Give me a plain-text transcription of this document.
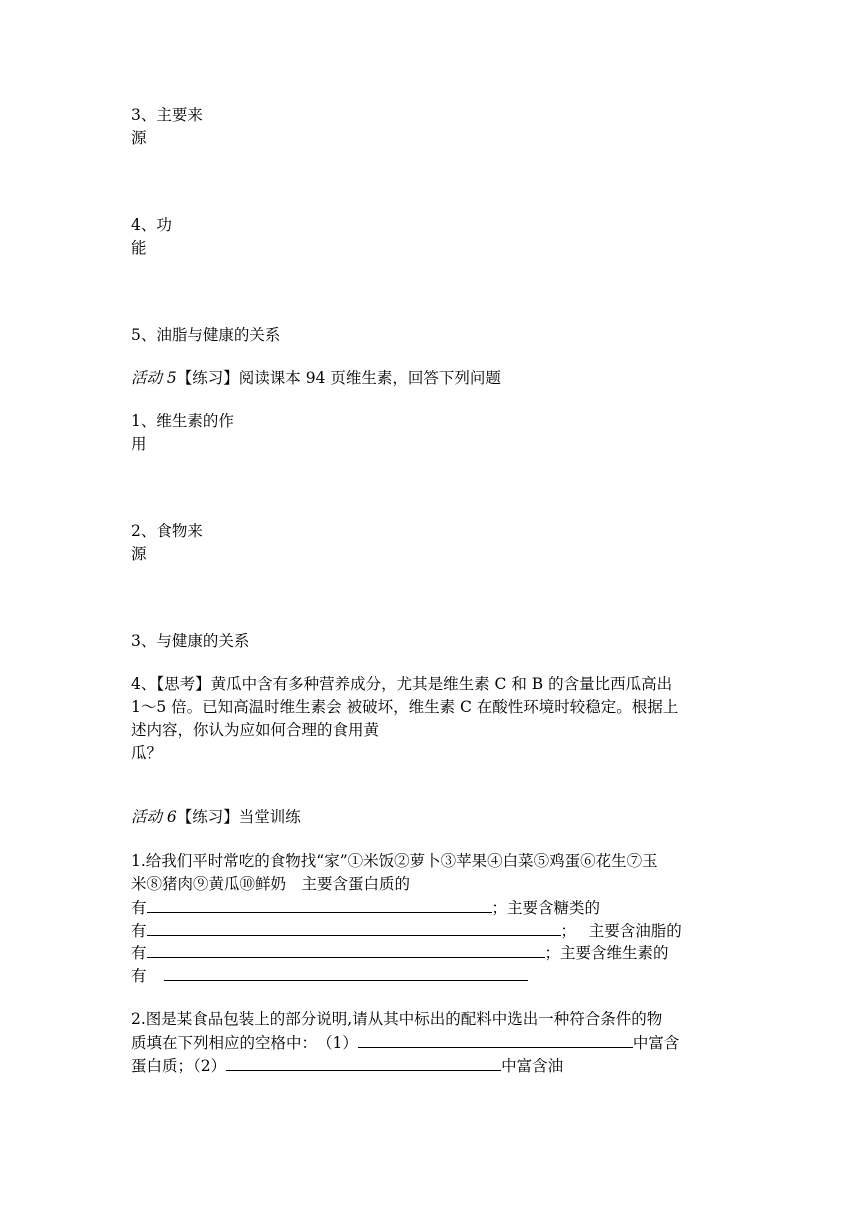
3、主要来
源
4、功
能
5、油脂与健康的关系
活动 5【练习】阅读课本 94 页维生素，回答下列问题
1、维生素的作
用
2、食物来
源
3、与健康的关系
4、【思考】黄瓜中含有多种营养成分，尤其是维生素 C 和 B 的含量比西瓜高出
1～5 倍。已知高温时维生素会 被破坏，维生素 C 在酸性环境时较稳定。根据上
述内容，你认为应如何合理的食用黄
瓜？
活动 6【练习】当堂训练
1.给我们平时常吃的食物找“家”①米饭②萝卜③苹果④白菜⑤鸡蛋⑥花生⑦玉
米⑧猪肉⑨黄瓜⑩鲜奶　主要含蛋白质的
有	；主要含糖类的
有	；　 主要含油脂的
有	；主要含维生素的
有
2.图是某食品包装上的部分说明,请从其中标出的配料中选出一种符合条件的物
质填在下列相应的空格中：　（1）	中富含
蛋白质；（2）	中富含油
